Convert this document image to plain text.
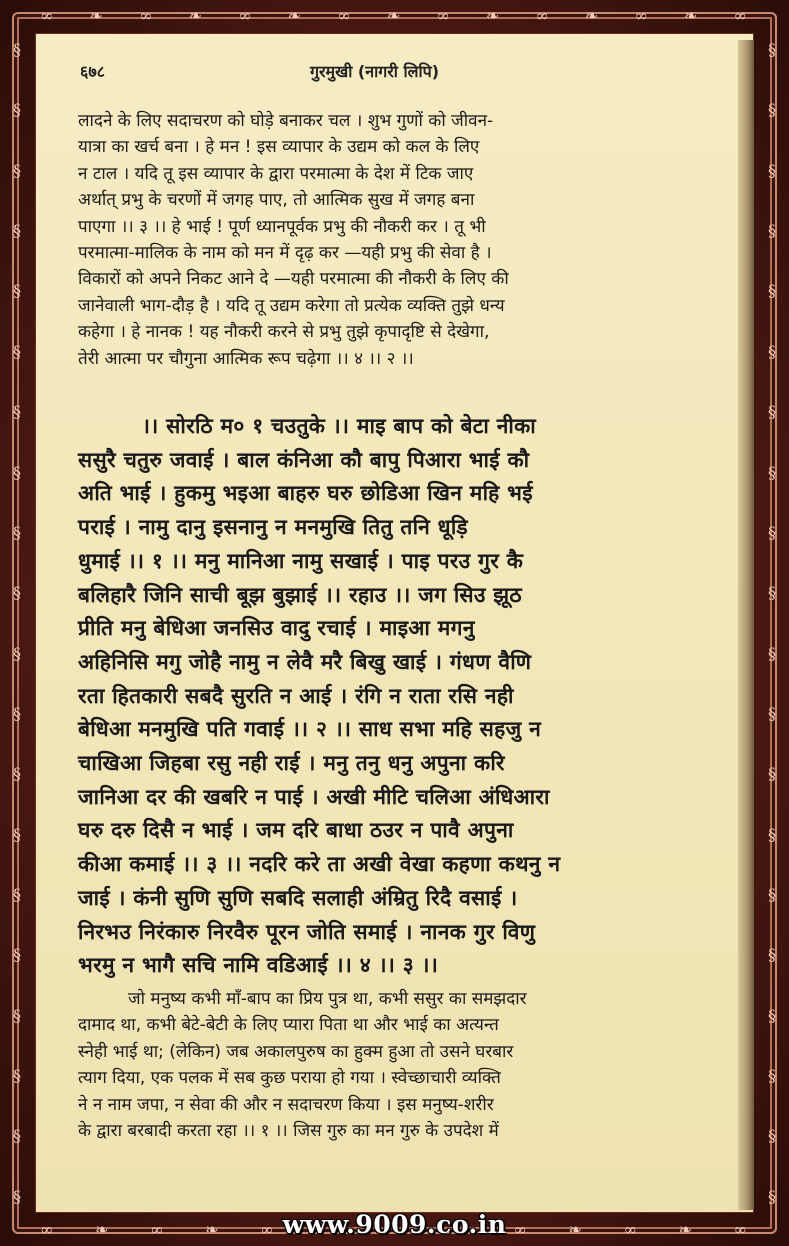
∞ ❧ ∞ ❧ ∞ ❧ ∞ ❧ ∞ ❧ ∞ ❧ ∞ ❧ ∞
∞ ❧ ∞ ❧ ∞	∞ ❧ ∞ ❧ ∞
§
§
§
§
§
§
§
§
§
§
§
§
§
§
§
§
§
§
§
§
§
§
§
§
§
§
§
§
§
§
§
§
§
§
§
§
§
§
§
§
६७८	गुरमुखी (नागरी लिपि)
लादने के लिए सदाचरण को घोड़े बनाकर चल । शुभ गुणों को जीवन-
यात्रा का खर्च बना । हे मन ! इस व्यापार के उद्यम को कल के लिए
न टाल । यदि तू इस व्यापार के द्वारा परमात्मा के देश में टिक जाए
अर्थात् प्रभु के चरणों में जगह पाए, तो आत्मिक सुख में जगह बना
पाएगा ।। ३ ।। हे भाई ! पूर्ण ध्यानपूर्वक प्रभु की नौकरी कर । तू भी
परमात्मा-मालिक के नाम को मन में दृढ़ कर —यही प्रभु की सेवा है ।
विकारों को अपने निकट आने दे —यही परमात्मा की नौकरी के लिए की
जानेवाली भाग-दौड़ है । यदि तू उद्यम करेगा तो प्रत्येक व्यक्ति तुझे धन्य
कहेगा । हे नानक ! यह नौकरी करने से प्रभु तुझे कृपादृष्टि से देखेगा,
तेरी आत्मा पर चौगुना आत्मिक रूप चढ़ेगा ।। ४ ।। २ ।।
।। सोरठि म० १ चउतुके ।। माइ बाप को बेटा नीका
ससुरै चतुरु जवाई । बाल कंनिआ कौ बापु पिआरा भाई कौ
अति भाई । हुकमु भइआ बाहरु घरु छोडिआ खिन महि भई
पराई । नामु दानु इसनानु न मनमुखि तितु तनि धूड़ि
धुमाई ।। १ ।। मनु मानिआ नामु सखाई । पाइ परउ गुर कै
बलिहारै जिनि साची बूझ बुझाई ।। रहाउ ।। जग सिउ झूठ
प्रीति मनु बेधिआ जनसिउ वादु रचाई । माइआ मगनु
अहिनिसि मगु जोहै नामु न लेवै मरै बिखु खाई । गंधण वैणि
रता हितकारी सबदै सुरति न आई । रंगि न राता रसि नही
बेधिआ मनमुखि पति गवाई ।। २ ।। साध सभा महि सहजु न
चाखिआ जिहबा रसु नही राई । मनु तनु धनु अपुना करि
जानिआ दर की खबरि न पाई । अखी मीटि चलिआ अंधिआरा
घरु दरु दिसै न भाई । जम दरि बाधा ठउर न पावै अपुना
कीआ कमाई ।। ३ ।। नदरि करे ता अखी वेखा कहणा कथनु न
जाई । कंनी सुणि सुणि सबदि सलाही अंम्रितु रिदै वसाई ।
निरभउ निरंकारु निरवैरु पूरन जोति समाई । नानक गुर विणु
भरमु न भागै सचि नामि वडिआई ।। ४ ।। ३ ।।
जो मनुष्य कभी माँ-बाप का प्रिय पुत्र था, कभी ससुर का समझदार
दामाद था, कभी बेटे-बेटी के लिए प्यारा पिता था और भाई का अत्यन्त
स्नेही भाई था; (लेकिन) जब अकालपुरुष का हुक्म हुआ तो उसने घरबार
त्याग दिया, एक पलक में सब कुछ पराया हो गया । स्वेच्छाचारी व्यक्ति
ने न नाम जपा, न सेवा की और न सदाचरण किया । इस मनुष्य-शरीर
के द्वारा बरबादी करता रहा ।। १ ।। जिस गुरु का मन गुरु के उपदेश में
www.9009.co.in
